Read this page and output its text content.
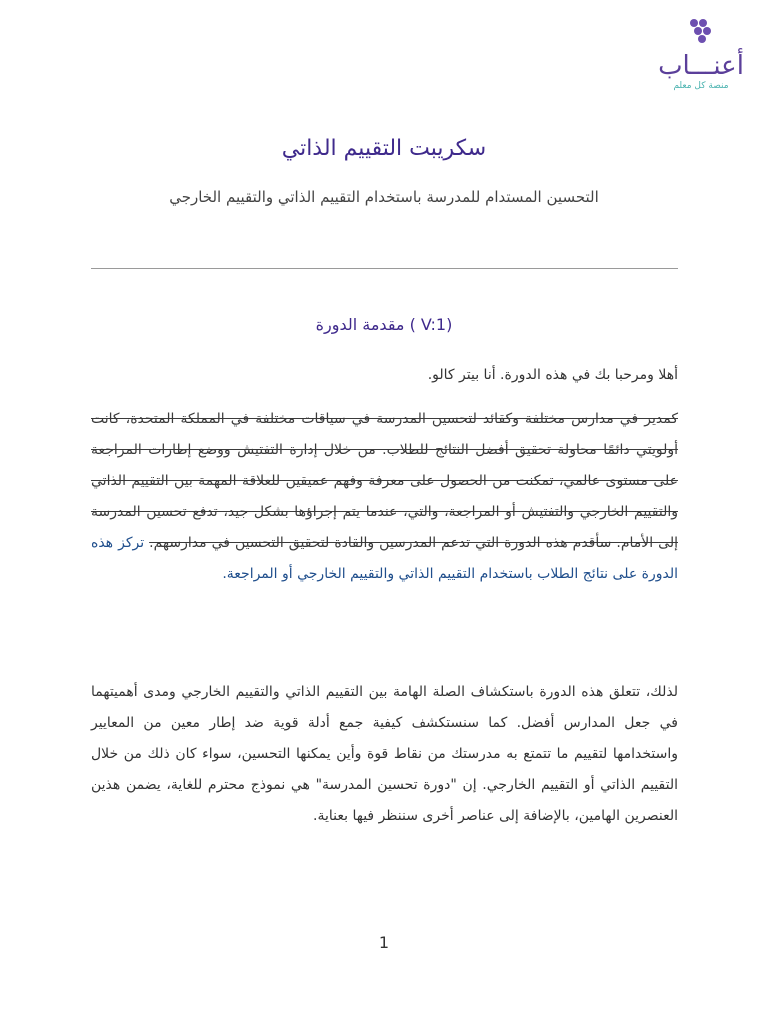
أعنـــاب
منصة كل معلم
سكريبت التقييم الذاتي
التحسين المستدام للمدرسة باستخدام التقييم الذاتي والتقييم الخارجي
(V:1 ) مقدمة الدورة
أهلا ومرحبا بك في هذه الدورة. أنا بيتر كالو.
كمدير في مدارس مختلفة وكقائد لتحسين المدرسة في سياقات مختلفة في المملكة المتحدة، كانت أولويتي دائمًا محاولة تحقيق أفضل النتائج للطلاب. من خلال إدارة التفتيش ووضع إطارات المراجعة على مستوى عالمي، تمكنت من الحصول على معرفة وفهم عميقين للعلاقة المهمة بين التقييم الذاتي والتقييم الخارجي والتفتيش أو المراجعة، والتي، عندما يتم إجراؤها بشكل جيد، تدفع تحسين المدرسة إلى الأمام. سأقدم هذه الدورة التي تدعم المدرسين والقادة لتحقيق التحسين في مدارسهم. تركز هذه الدورة على نتائج الطلاب باستخدام التقييم الذاتي والتقييم الخارجي أو المراجعة.
لذلك، تتعلق هذه الدورة باستكشاف الصلة الهامة بين التقييم الذاتي والتقييم الخارجي ومدى أهميتهما في جعل المدارس أفضل. كما سنستكشف كيفية جمع أدلة قوية ضد إطار معين من المعايير واستخدامها لتقييم ما تتمتع به مدرستك من نقاط قوة وأين يمكنها التحسين، سواء كان ذلك من خلال التقييم الذاتي أو التقييم الخارجي. إن "دورة تحسين المدرسة" هي نموذج محترم للغاية، يضمن هذين العنصرين الهامين، بالإضافة إلى عناصر أخرى سننظر فيها بعناية.
1
